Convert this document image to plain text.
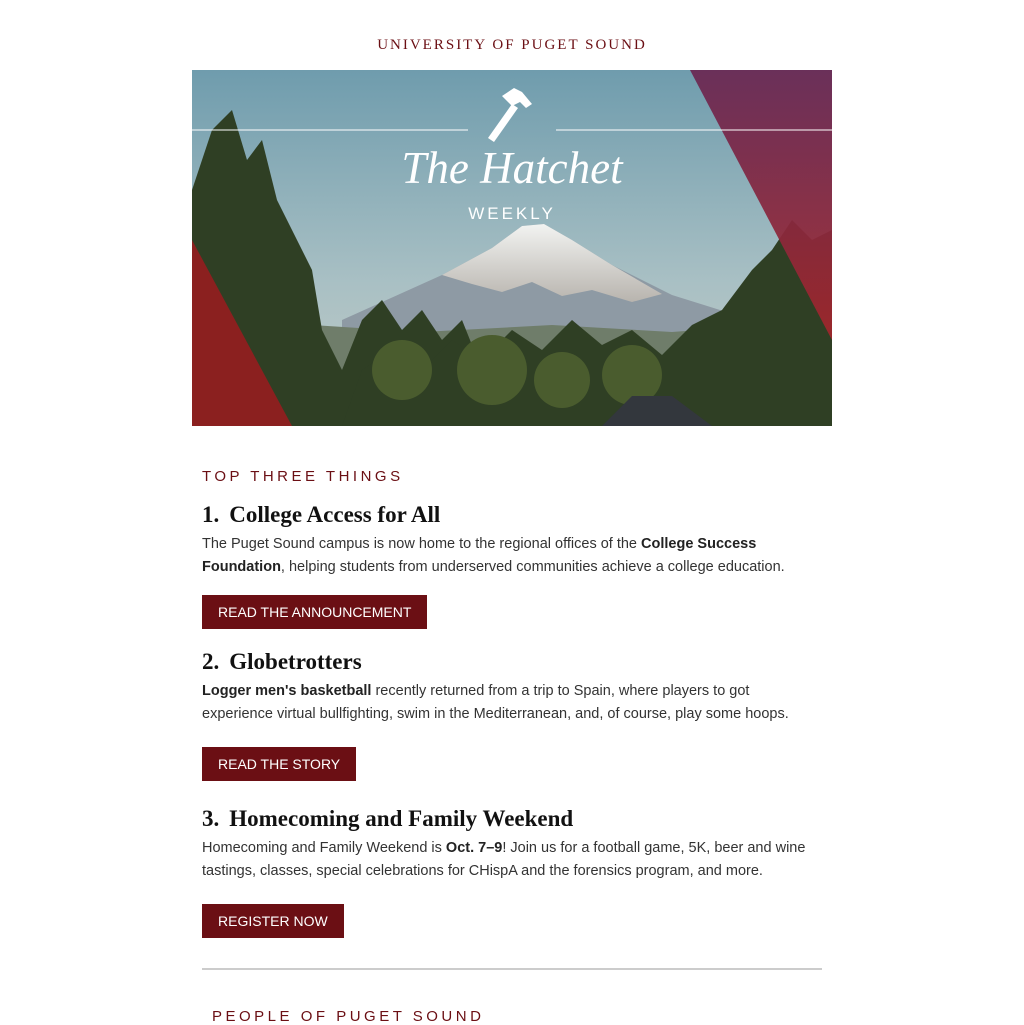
UNIVERSITY OF PUGET SOUND
The Hatchet
WEEKLY
TOP THREE THINGS
1. College Access for All
The Puget Sound campus is now home to the regional offices of the College Success Foundation, helping students from underserved communities achieve a college education.
READ THE ANNOUNCEMENT
2. Globetrotters
Logger men's basketball recently returned from a trip to Spain, where players to got experience virtual bullfighting, swim in the Mediterranean, and, of course, play some hoops.
READ THE STORY
3. Homecoming and Family Weekend
Homecoming and Family Weekend is Oct. 7–9! Join us for a football game, 5K, beer and wine tastings, classes, special celebrations for CHispA and the forensics program, and more.
REGISTER NOW
PEOPLE OF PUGET SOUND
